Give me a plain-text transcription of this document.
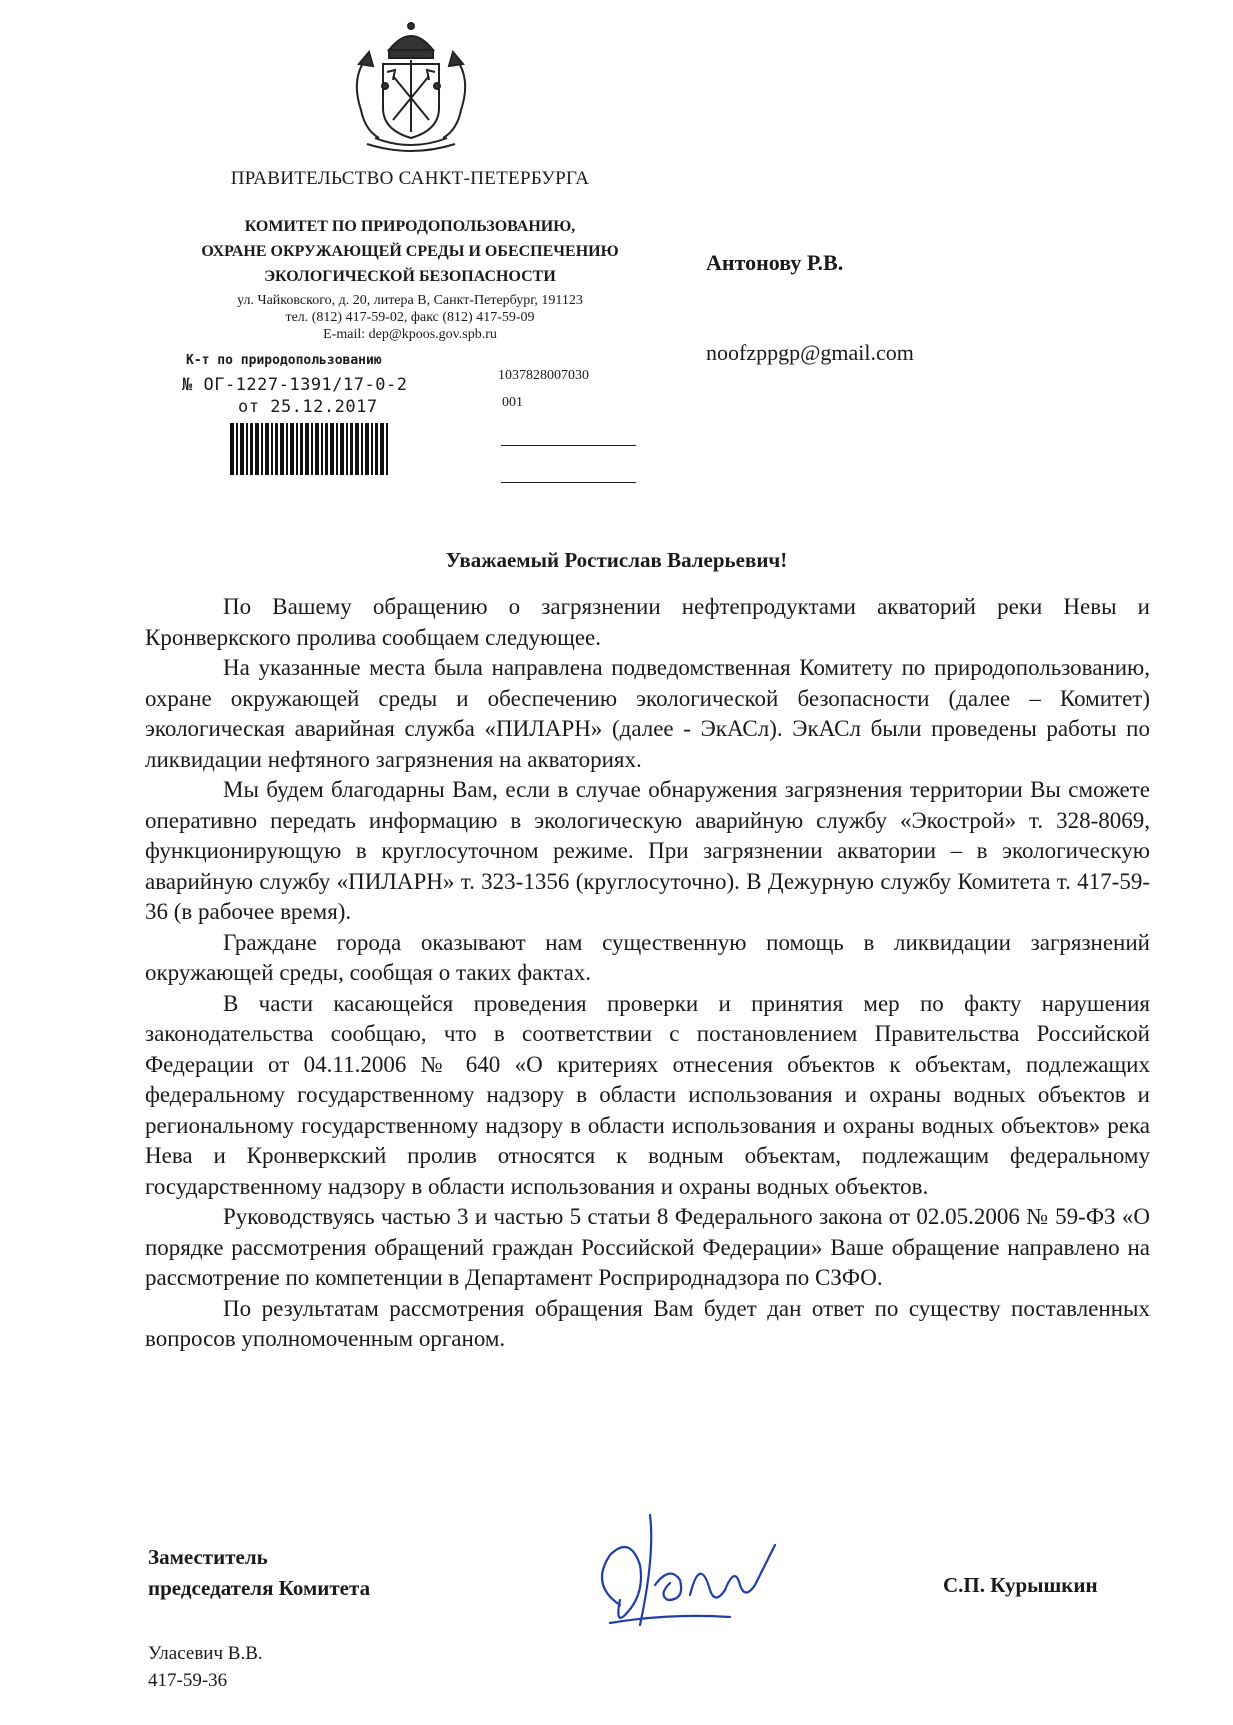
ПРАВИТЕЛЬСТВО САНКТ-ПЕТЕРБУРГА
КОМИТЕТ ПО ПРИРОДОПОЛЬЗОВАНИЮ,
ОХРАНЕ ОКРУЖАЮЩЕЙ СРЕДЫ И ОБЕСПЕЧЕНИЮ
ЭКОЛОГИЧЕСКОЙ БЕЗОПАСНОСТИ
ул. Чайковского, д. 20, литера В, Санкт-Петербург, 191123
тел. (812) 417-59-02, факс (812) 417-59-09
E-mail: dep@kpoos.gov.spb.ru
К-т по природопользованию
№ ОГ-1227-1391/17-0-2
от 25.12.2017
1037828007030
001
Антонову Р.В.
noofzppgp@gmail.com
Уважаемый Ростислав Валерьевич!

По Вашему обращению о загрязнении нефтепродуктами акваторий реки Невы и Кронверкского пролива сообщаем следующее.

На указанные места была направлена подведомственная Комитету по природопользованию, охране окружающей среды и обеспечению экологической безопасности (далее – Комитет) экологическая аварийная служба «ПИЛАРН» (далее - ЭкАСл). ЭкАСл были проведены работы по ликвидации нефтяного загрязнения на акваториях.

Мы будем благодарны Вам, если в случае обнаружения загрязнения территории Вы сможете оперативно передать информацию в экологическую аварийную службу «Экострой» т. 328-8069, функционирующую в круглосуточном режиме. При загрязнении акватории – в экологическую аварийную службу «ПИЛАРН» т. 323-1356 (круглосуточно). В Дежурную службу Комитета т. 417-59-36 (в рабочее время).

Граждане города оказывают нам существенную помощь в ликвидации загрязнений окружающей среды, сообщая о таких фактах.

В части касающейся проведения проверки и принятия мер по факту нарушения законодательства сообщаю, что в соответствии с постановлением Правительства Российской Федерации от 04.11.2006 № 640 «О критериях отнесения объектов к объектам, подлежащих федеральному государственному надзору в области использования и охраны водных объектов и региональному государственному надзору в области использования и охраны водных объектов» река Нева и Кронверкский пролив относятся к водным объектам, подлежащим федеральному государственному надзору в области использования и охраны водных объектов.

Руководствуясь частью 3 и частью 5 статьи 8 Федерального закона от 02.05.2006 № 59-ФЗ «О порядке рассмотрения обращений граждан Российской Федерации» Ваше обращение направлено на рассмотрение по компетенции в Департамент Росприроднадзора по СЗФО.

По результатам рассмотрения обращения Вам будет дан ответ по существу поставленных вопросов уполномоченным органом.

Заместитель
председателя Комитета	С.П. Курышкин
Уласевич В.В.
417-59-36
